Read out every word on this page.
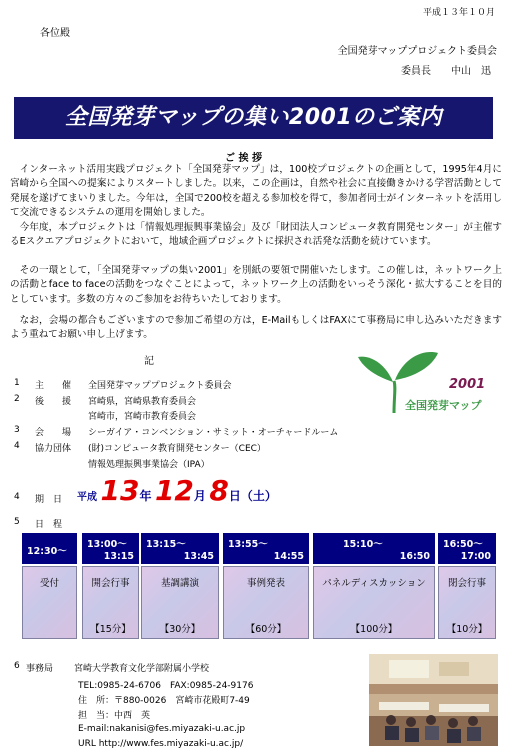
平成１３年１０月
各位殿
全国発芽マッププロジェクト委員会
委員長 中山　迅
全国発芽マップの集い2001のご案内
ご 挨 拶
　インターネット活用実践プロジェクト「全国発芽マップ」は，100校プロジェクトの企画として，1995年4月に宮崎から全国への提案によりスタートしました。以来，この企画は，自然や社会に直接働きかける学習活動として発展を遂げてまいりました。今年は，全国で200校を超える参加校を得て，参加者同士がインターネットを活用して交流できるシステムの運用を開始しました。
　今年度，本プロジェクトは「情報処理振興事業協会」及び「財団法人コンピュータ教育開発センター」が主催するEスクエアプロジェクトにおいて，地域企画プロジェクトに採択され活発な活動を続けています。
　その一環として，「全国発芽マップの集い2001」を別紙の要領で開催いたします。この催しは，ネットワーク上の活動とface to faceの活動をつなぐことによって，ネットワーク上の活動をいっそう深化・拡大することを目的としています。多数の方々のご参加をお待ちいたしております。
　なお，会場の都合もございますので参加ご希望の方は，E-MailもしくはFAXにて事務局に申し込みいただきますよう重ねてお願い申し上げます。
記
2001
全国発芽マップ
1 主　　催 全国発芽マッププロジェクト委員会
2 後　　援 宮崎県，宮崎県教育委員会
宮崎市，宮崎市教育委員会
3 会　　場 シーガイア・コンベンション・サミット・オーチャードルーム
4 協力団体 (財)コンピュータ教育開発センター（CEC）
情報処理振興事業協会（IPA）
4 期　日 平成 13年 12月 8日（土）
5 日　程
12:30～
13:00～
13:15
13:15～
13:45
13:55～
14:55
15:10～
16:50
16:50～
17:00
受付	開会行事
【15分】
基調講演
【30分】
事例発表
【60分】
パネルディスカッション
【100分】
閉会行事
【10分】
6 事務局 宮崎大学教育文化学部附属小学校
TEL:0985-24-6706　FAX:0985-24-9176
住　所：〒880-0026　宮崎市花殿町7-49
担　当：中西　英
E-mail:nakanisi@fes.miyazaki-u.ac.jp
URL http://www.fes.miyazaki-u.ac.jp/
